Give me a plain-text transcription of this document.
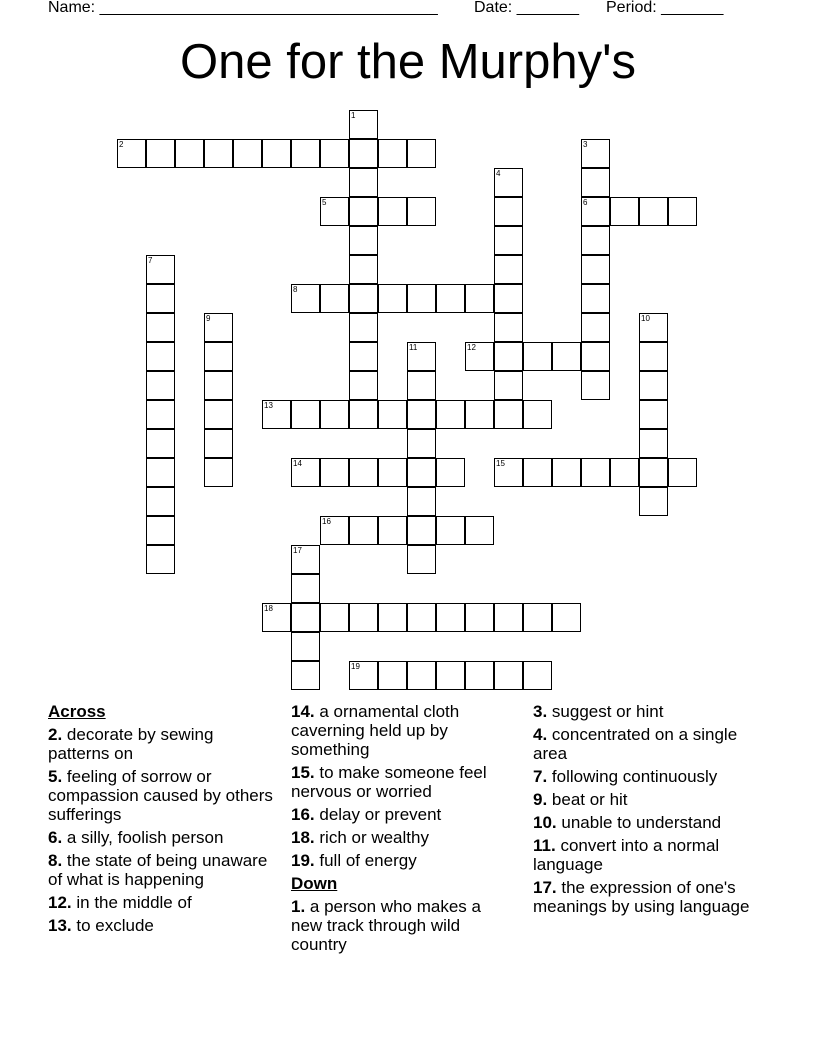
Name: ______________________________________ Date: _______ Period: _______
One for the Murphy's
1
2	3
6
4
5
7
8
9	10
11	12
13
14	15
16
17
18
19
Across
2. decorate by sewing patterns on
5. feeling of sorrow or compassion caused by others sufferings
6. a silly, foolish person
8. the state of being unaware of what is happening
12. in the middle of
13. to exclude
14. a ornamental cloth caverning held up by something
15. to make someone feel nervous or worried
16. delay or prevent
18. rich or wealthy
19. full of energy
Down
1. a person who makes a new track through wild country
3. suggest or hint
4. concentrated on a single area
7. following continuously
9. beat or hit
10. unable to understand
11. convert into a normal language
17. the expression of one's meanings by using language
